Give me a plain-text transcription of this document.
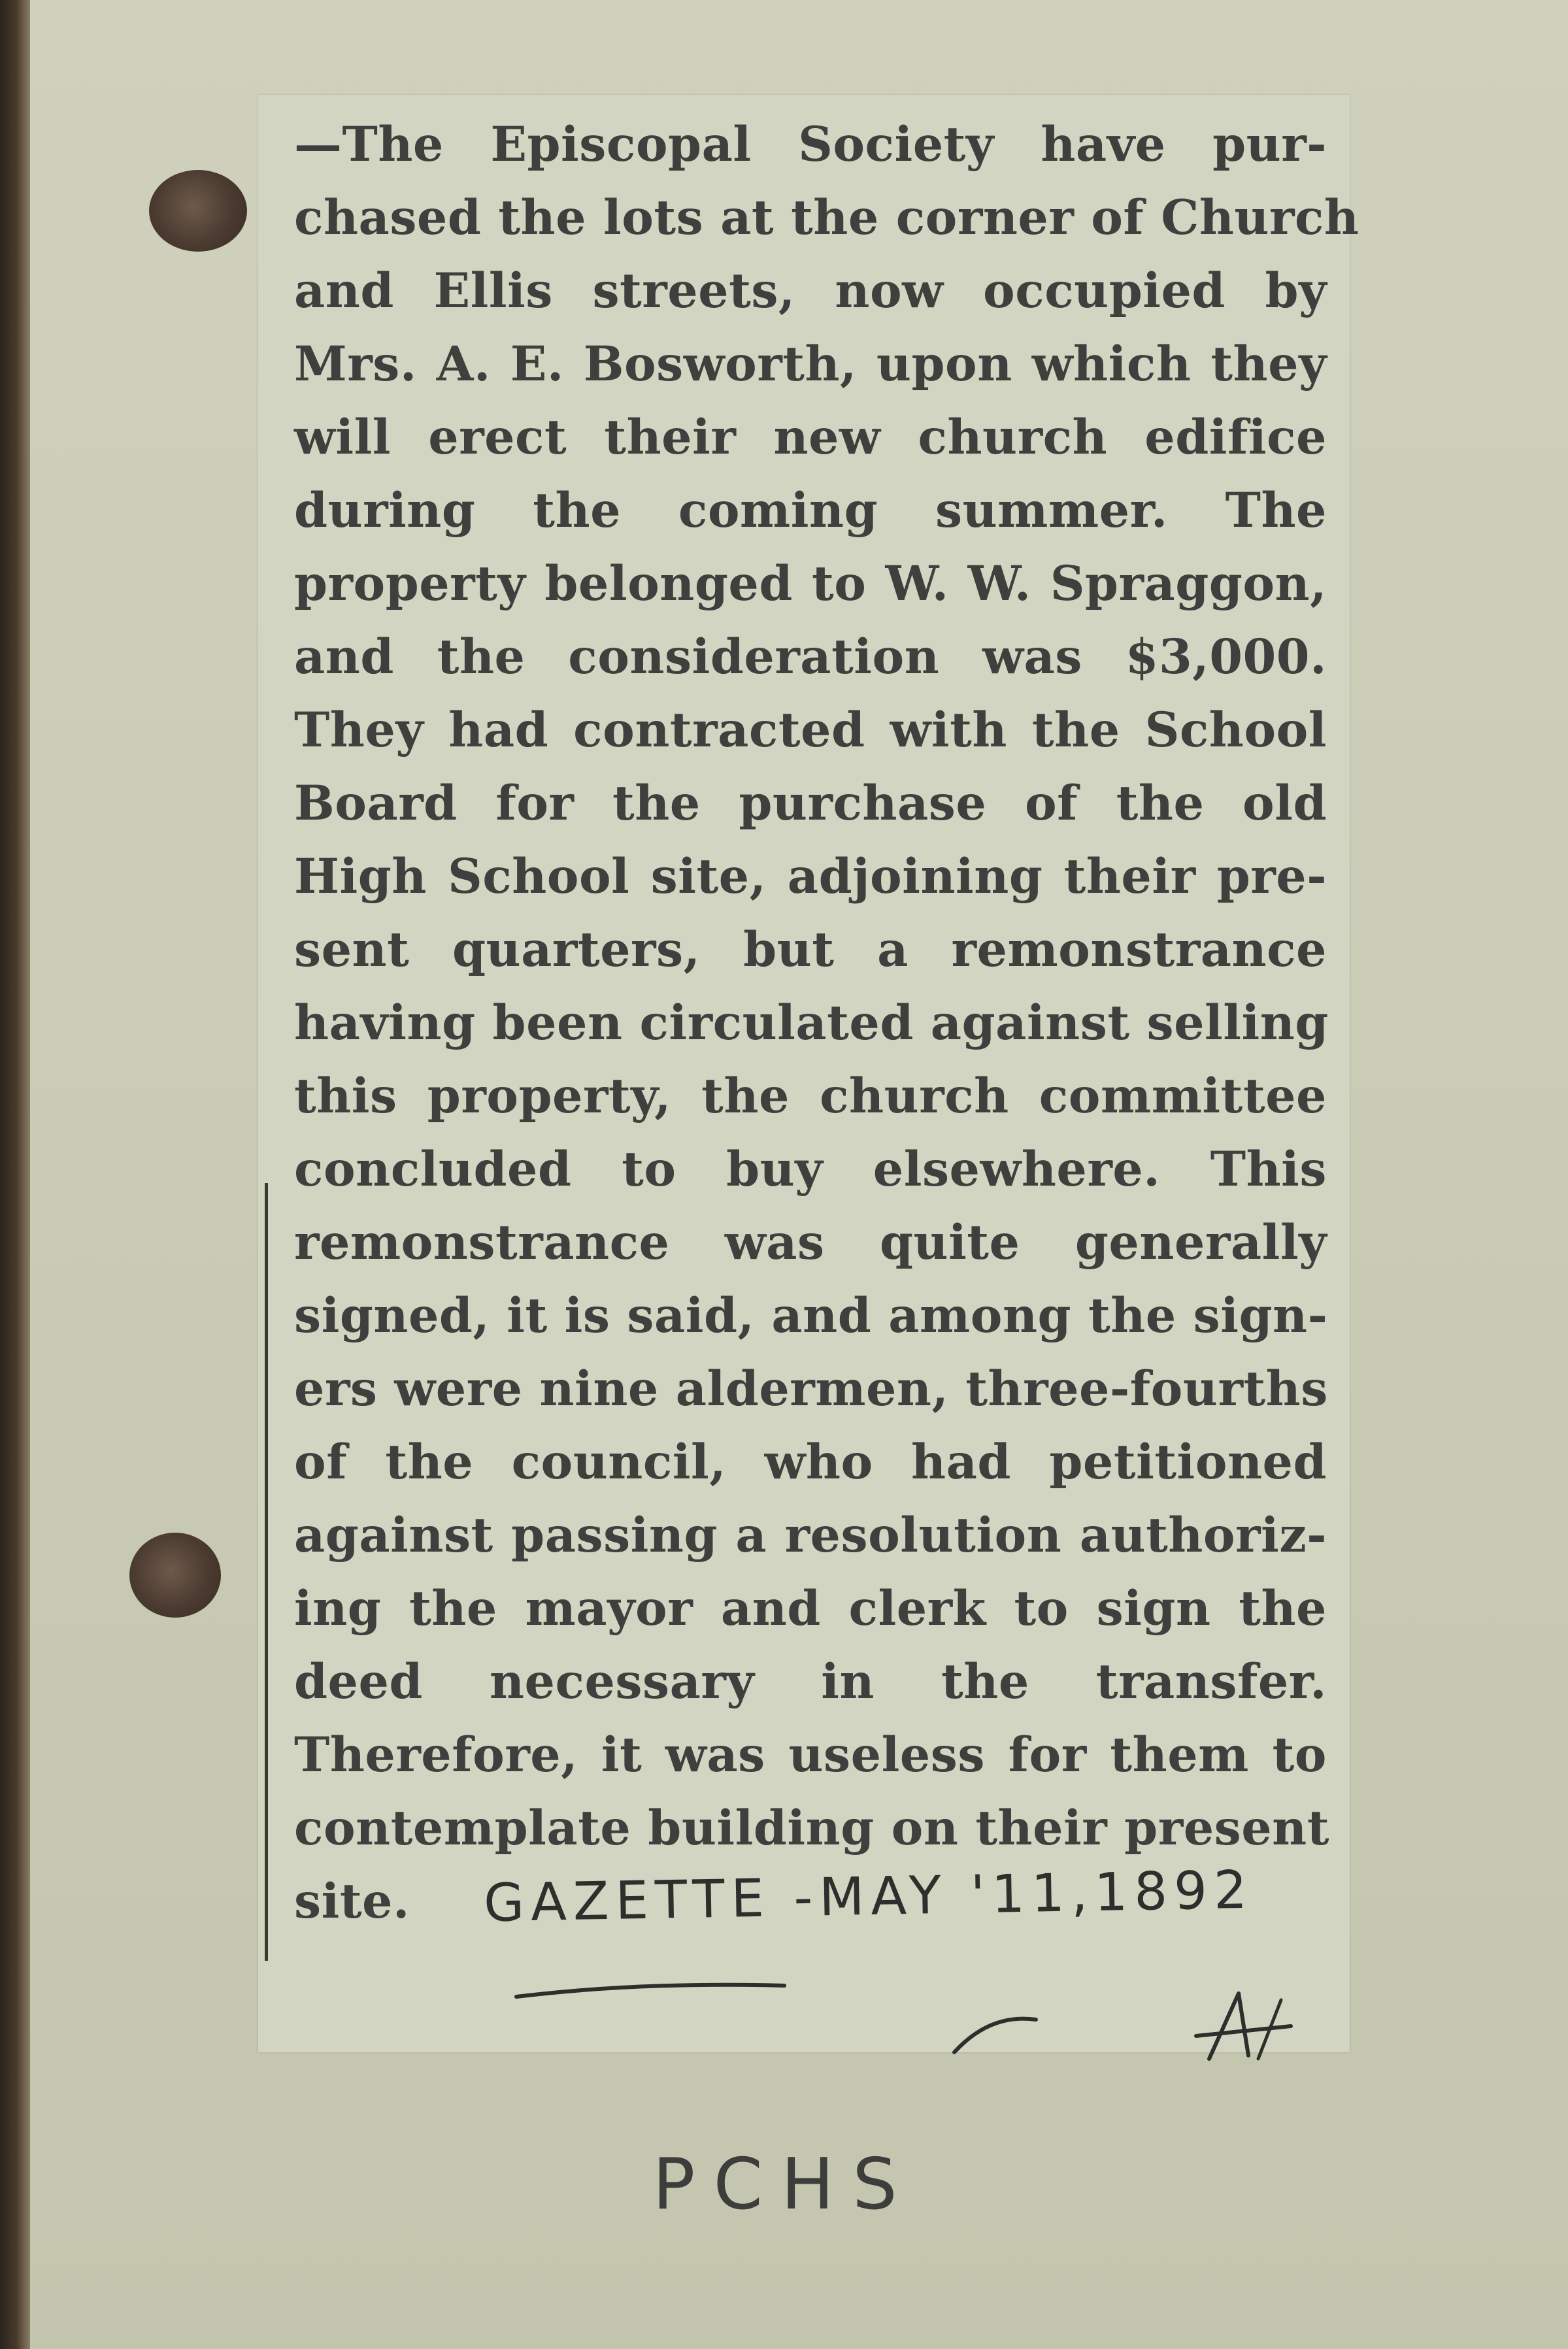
—The Episcopal Society have pur-
chased the lots at the corner of Church
and Ellis streets, now occupied by
Mrs. A. E. Bosworth, upon which they
will erect their new church edifice
during the coming summer. The
property belonged to W. W. Spraggon,
and the consideration was $3,000.
They had contracted with the School
Board for the purchase of the old
High School site, adjoining their pre-
sent quarters, but a remonstrance
having been circulated against selling
this property, the church committee
concluded to buy elsewhere. This
remonstrance was quite generally
signed, it is said, and among the sign-
ers were nine aldermen, three-fourths
of the council, who had petitioned
against passing a resolution authoriz-
ing the mayor and clerk to sign the
deed necessary in the transfer.
Therefore, it was useless for them to
contemplate building on their present
site.	GAZETTE -MAY '11,1892
PCHS
